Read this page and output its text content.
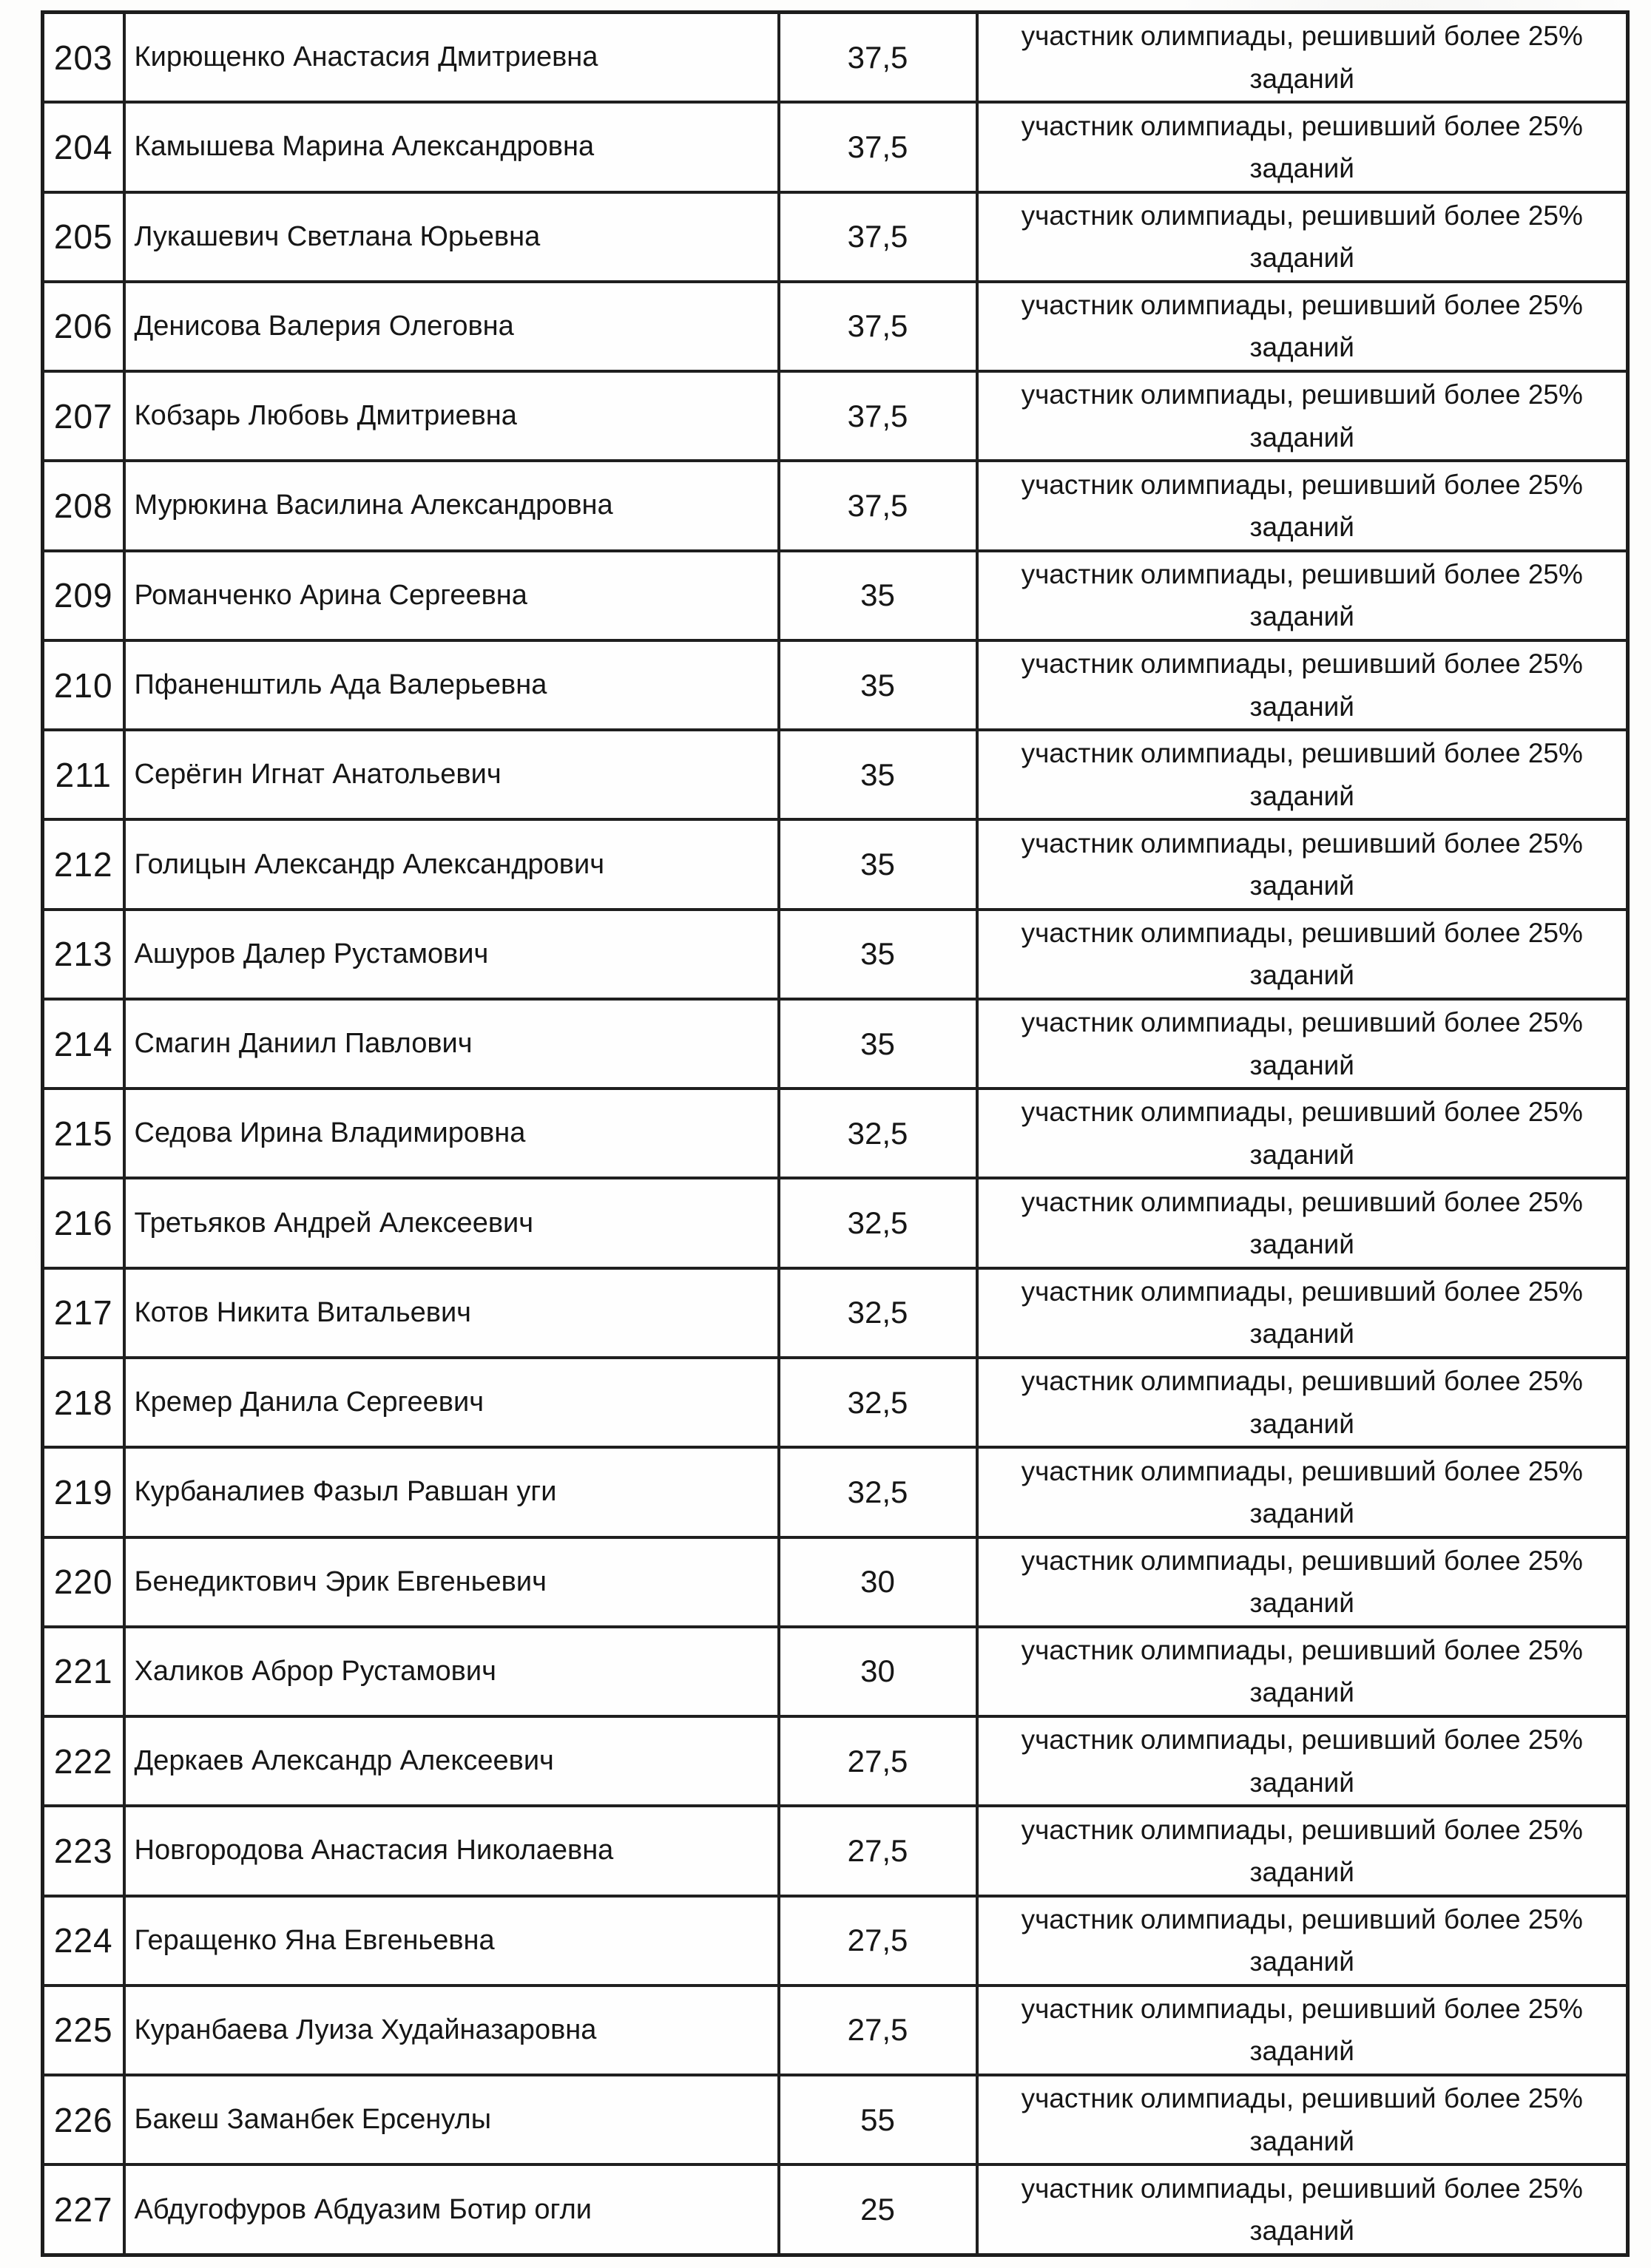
203	Кирющенко Анастасия Дмитриевна	37,5	участник олимпиады, решивший более 25%
заданий

204	Камышева Марина Александровна	37,5	участник олимпиады, решивший более 25%
заданий

205	Лукашевич Светлана Юрьевна	37,5	участник олимпиады, решивший более 25%
заданий

206	Денисова Валерия Олеговна	37,5	участник олимпиады, решивший более 25%
заданий

207	Кобзарь Любовь Дмитриевна	37,5	участник олимпиады, решивший более 25%
заданий

208	Мурюкина Василина Александровна	37,5	участник олимпиады, решивший более 25%
заданий

209	Романченко Арина Сергеевна	35	участник олимпиады, решивший более 25%
заданий

210	Пфаненштиль Ада Валерьевна	35	участник олимпиады, решивший более 25%
заданий

211	Серёгин Игнат Анатольевич	35	участник олимпиады, решивший более 25%
заданий

212	Голицын Александр Александрович	35	участник олимпиады, решивший более 25%
заданий

213	Ашуров Далер Рустамович	35	участник олимпиады, решивший более 25%
заданий

214	Смагин Даниил Павлович	35	участник олимпиады, решивший более 25%
заданий

215	Седова Ирина Владимировна	32,5	участник олимпиады, решивший более 25%
заданий

216	Третьяков Андрей Алексеевич	32,5	участник олимпиады, решивший более 25%
заданий

217	Котов Никита Витальевич	32,5	участник олимпиады, решивший более 25%
заданий

218	Кремер Данила Сергеевич	32,5	участник олимпиады, решивший более 25%
заданий

219	Курбаналиев Фазыл Равшан уги	32,5	участник олимпиады, решивший более 25%
заданий

220	Бенедиктович Эрик Евгеньевич	30	участник олимпиады, решивший более 25%
заданий

221	Халиков Аброр Рустамович	30	участник олимпиады, решивший более 25%
заданий

222	Деркаев Александр Алексеевич	27,5	участник олимпиады, решивший более 25%
заданий

223	Новгородова Анастасия Николаевна	27,5	участник олимпиады, решивший более 25%
заданий

224	Геращенко Яна Евгеньевна	27,5	участник олимпиады, решивший более 25%
заданий

225	Куранбаева Луиза Худайназаровна	27,5	участник олимпиады, решивший более 25%
заданий

226	Бакеш Заманбек Ерсенулы	55	участник олимпиады, решивший более 25%
заданий

227	Абдугофуров Абдуазим Ботир огли	25	участник олимпиады, решивший более 25%
заданий
